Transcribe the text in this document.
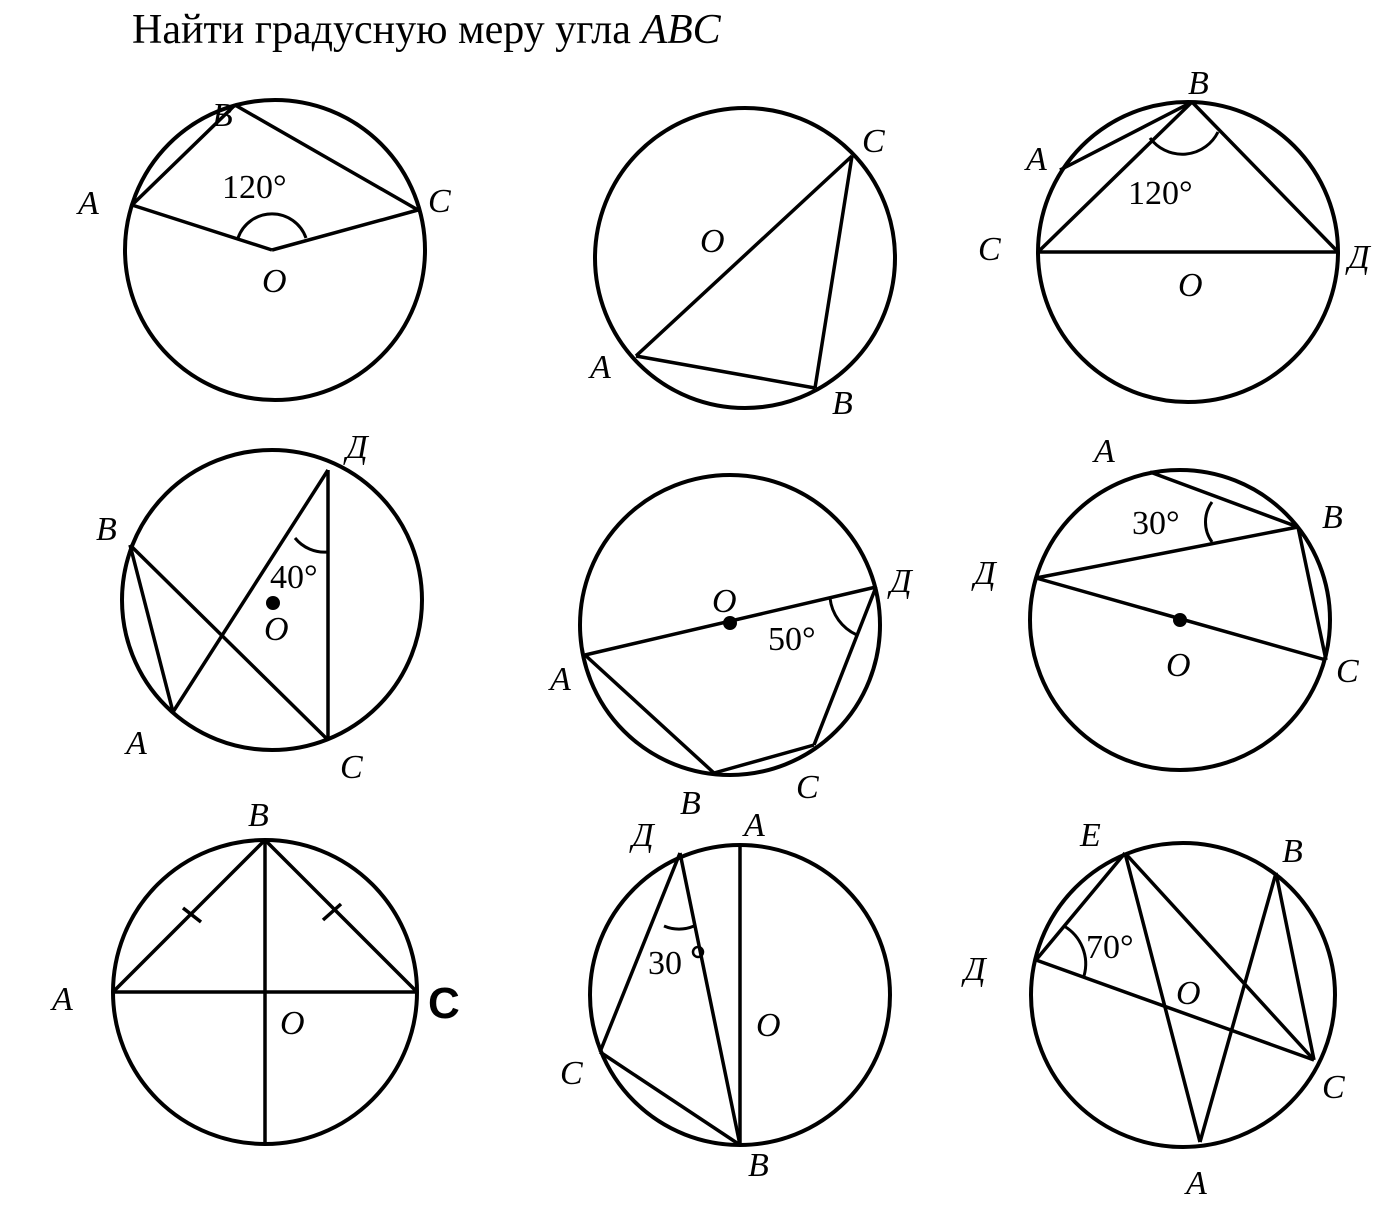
Найти градусную меру угла ABC
120°
A
B
C
O
O
C
A
B
120°
B
A
C	Д
O
40°
Д
B
A
C
O	50°
O
Д
A
B	C
30°
A
B
Д
C
O
B
A	C
O
30
Д	A
C
B
O
70°
E	B
Д
C
A
O
